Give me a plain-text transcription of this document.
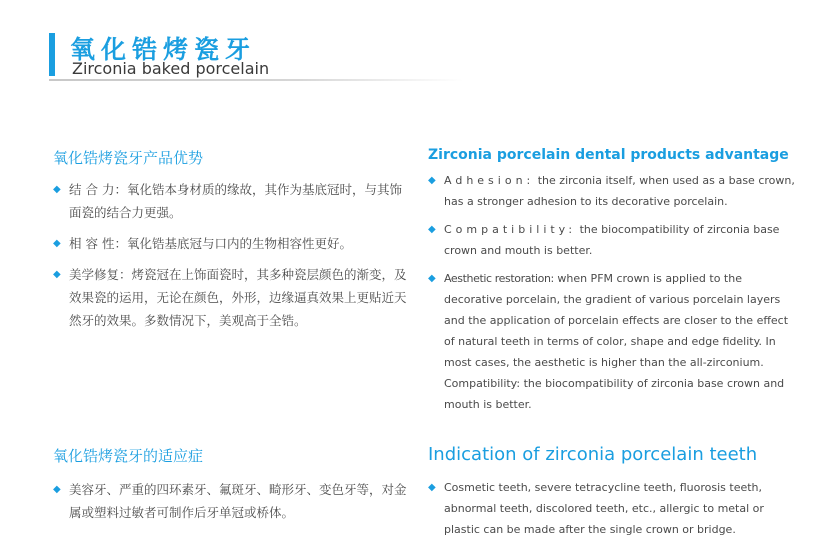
氧化锆烤瓷牙
Zirconia baked porcelain
氧化锆烤瓷牙产品优势
◆ 结 合 力：氧化锆本身材质的缘故，其作为基底冠时，与其饰面瓷的结合力更强。
◆ 相 容 性：氧化锆基底冠与口内的生物相容性更好。
◆ 美学修复：烤瓷冠在上饰面瓷时，其多种瓷层颜色的渐变，及效果瓷的运用，无论在颜色，外形，边缘逼真效果上更贴近天然牙的效果。多数情况下，美观高于全锆。
Zirconia porcelain dental products advantage
◆ Adhesion: the zirconia itself, when used as a base crown, has a stronger adhesion to its decorative porcelain.
◆ Compatibility: the biocompatibility of zirconia base crown and mouth is better.
◆ Aesthetic restoration: when PFM crown is applied to the decorative porcelain, the gradient of various porcelain layers and the application of porcelain effects are closer to the effect of natural teeth in terms of color, shape and edge fidelity. In most cases, the aesthetic is higher than the all-zirconium. Compatibility: the biocompatibility of zirconia base crown and mouth is better.
氧化锆烤瓷牙的适应症
◆ 美容牙、严重的四环素牙、氟斑牙、畸形牙、变色牙等，对金属或塑料过敏者可制作后牙单冠或桥体。
Indication of zirconia porcelain teeth
◆ Cosmetic teeth, severe tetracycline teeth, fluorosis teeth, abnormal teeth, discolored teeth, etc., allergic to metal or plastic can be made after the single crown or bridge.
